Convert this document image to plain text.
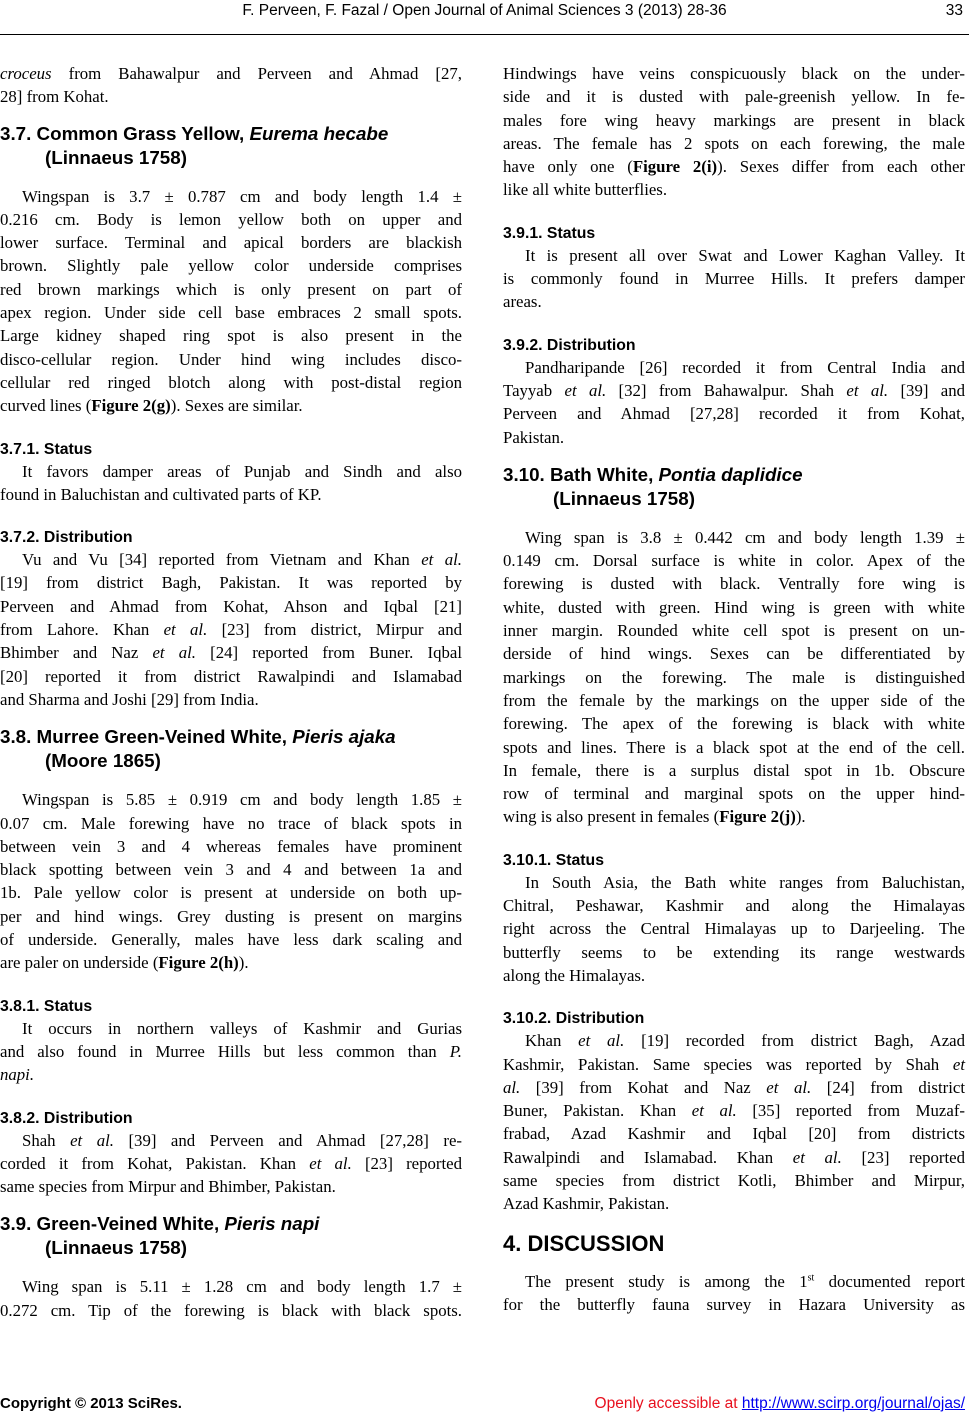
F. Perveen, F. Fazal / Open Journal of Animal Sciences 3 (2013) 28-36	33
croceus from Bahawalpur and Perveen and Ahmad [27,
28] from Kohat.
3.7. Common Grass Yellow, Eurema hecabe
(Linnaeus 1758)
Wingspan is 3.7 ± 0.787 cm and body length 1.4 ±
0.216 cm. Body is lemon yellow both on upper and
lower surface. Terminal and apical borders are blackish
brown. Slightly pale yellow color underside comprises
red brown markings which is only present on part of
apex region. Under side cell base embraces 2 small spots.
Large kidney shaped ring spot is also present in the
disco-cellular region. Under hind wing includes disco-
cellular red ringed blotch along with post-distal region
curved lines (Figure 2(g)). Sexes are similar.
3.7.1. Status
It favors damper areas of Punjab and Sindh and also
found in Baluchistan and cultivated parts of KP.
3.7.2. Distribution
Vu and Vu [34] reported from Vietnam and Khan et al.
[19] from district Bagh, Pakistan. It was reported by
Perveen and Ahmad from Kohat, Ahson and Iqbal [21]
from Lahore. Khan et al. [23] from district, Mirpur and
Bhimber and Naz et al. [24] reported from Buner. Iqbal
[20] reported it from district Rawalpindi and Islamabad
and Sharma and Joshi [29] from India.
3.8. Murree Green-Veined White, Pieris ajaka
(Moore 1865)
Wingspan is 5.85 ± 0.919 cm and body length 1.85 ±
0.07 cm. Male forewing have no trace of black spots in
between vein 3 and 4 whereas females have prominent
black spotting between vein 3 and 4 and between 1a and
1b. Pale yellow color is present at underside on both up-
per and hind wings. Grey dusting is present on margins
of underside. Generally, males have less dark scaling and
are paler on underside (Figure 2(h)).
3.8.1. Status
It occurs in northern valleys of Kashmir and Gurias
and also found in Murree Hills but less common than P.
napi.
3.8.2. Distribution
Shah et al. [39] and Perveen and Ahmad [27,28] re-
corded it from Kohat, Pakistan. Khan et al. [23] reported
same species from Mirpur and Bhimber, Pakistan.
3.9. Green-Veined White, Pieris napi
(Linnaeus 1758)
Wing span is 5.11 ± 1.28 cm and body length 1.7 ±
0.272 cm. Tip of the forewing is black with black spots.
Hindwings have veins conspicuously black on the under-
side and it is dusted with pale-greenish yellow. In fe-
males fore wing heavy markings are present in black
areas. The female has 2 spots on each forewing, the male
have only one (Figure 2(i)). Sexes differ from each other
like all white butterflies.
3.9.1. Status
It is present all over Swat and Lower Kaghan Valley. It
is commonly found in Murree Hills. It prefers damper
areas.
3.9.2. Distribution
Pandharipande [26] recorded it from Central India and
Tayyab et al. [32] from Bahawalpur. Shah et al. [39] and
Perveen and Ahmad [27,28] recorded it from Kohat,
Pakistan.
3.10. Bath White, Pontia daplidice
(Linnaeus 1758)
Wing span is 3.8 ± 0.442 cm and body length 1.39 ±
0.149 cm. Dorsal surface is white in color. Apex of the
forewing is dusted with black. Ventrally fore wing is
white, dusted with green. Hind wing is green with white
inner margin. Rounded white cell spot is present on un-
derside of hind wings. Sexes can be differentiated by
markings on the forewing. The male is distinguished
from the female by the markings on the upper side of the
forewing. The apex of the forewing is black with white
spots and lines. There is a black spot at the end of the cell.
In female, there is a surplus distal spot in 1b. Obscure
row of terminal and marginal spots on the upper hind-
wing is also present in females (Figure 2(j)).
3.10.1. Status
In South Asia, the Bath white ranges from Baluchistan,
Chitral, Peshawar, Kashmir and along the Himalayas
right across the Central Himalayas up to Darjeeling. The
butterfly seems to be extending its range westwards
along the Himalayas.
3.10.2. Distribution
Khan et al. [19] recorded from district Bagh, Azad
Kashmir, Pakistan. Same species was reported by Shah et
al. [39] from Kohat and Naz et al. [24] from district
Buner, Pakistan. Khan et al. [35] reported from Muzaf-
frabad, Azad Kashmir and Iqbal [20] from districts
Rawalpindi and Islamabad. Khan et al. [23] reported
same species from district Kotli, Bhimber and Mirpur,
Azad Kashmir, Pakistan.
4. DISCUSSION
The present study is among the 1st documented report
for the butterfly fauna survey in Hazara University as
Copyright © 2013 SciRes.	Openly accessible at http://www.scirp.org/journal/ojas/
